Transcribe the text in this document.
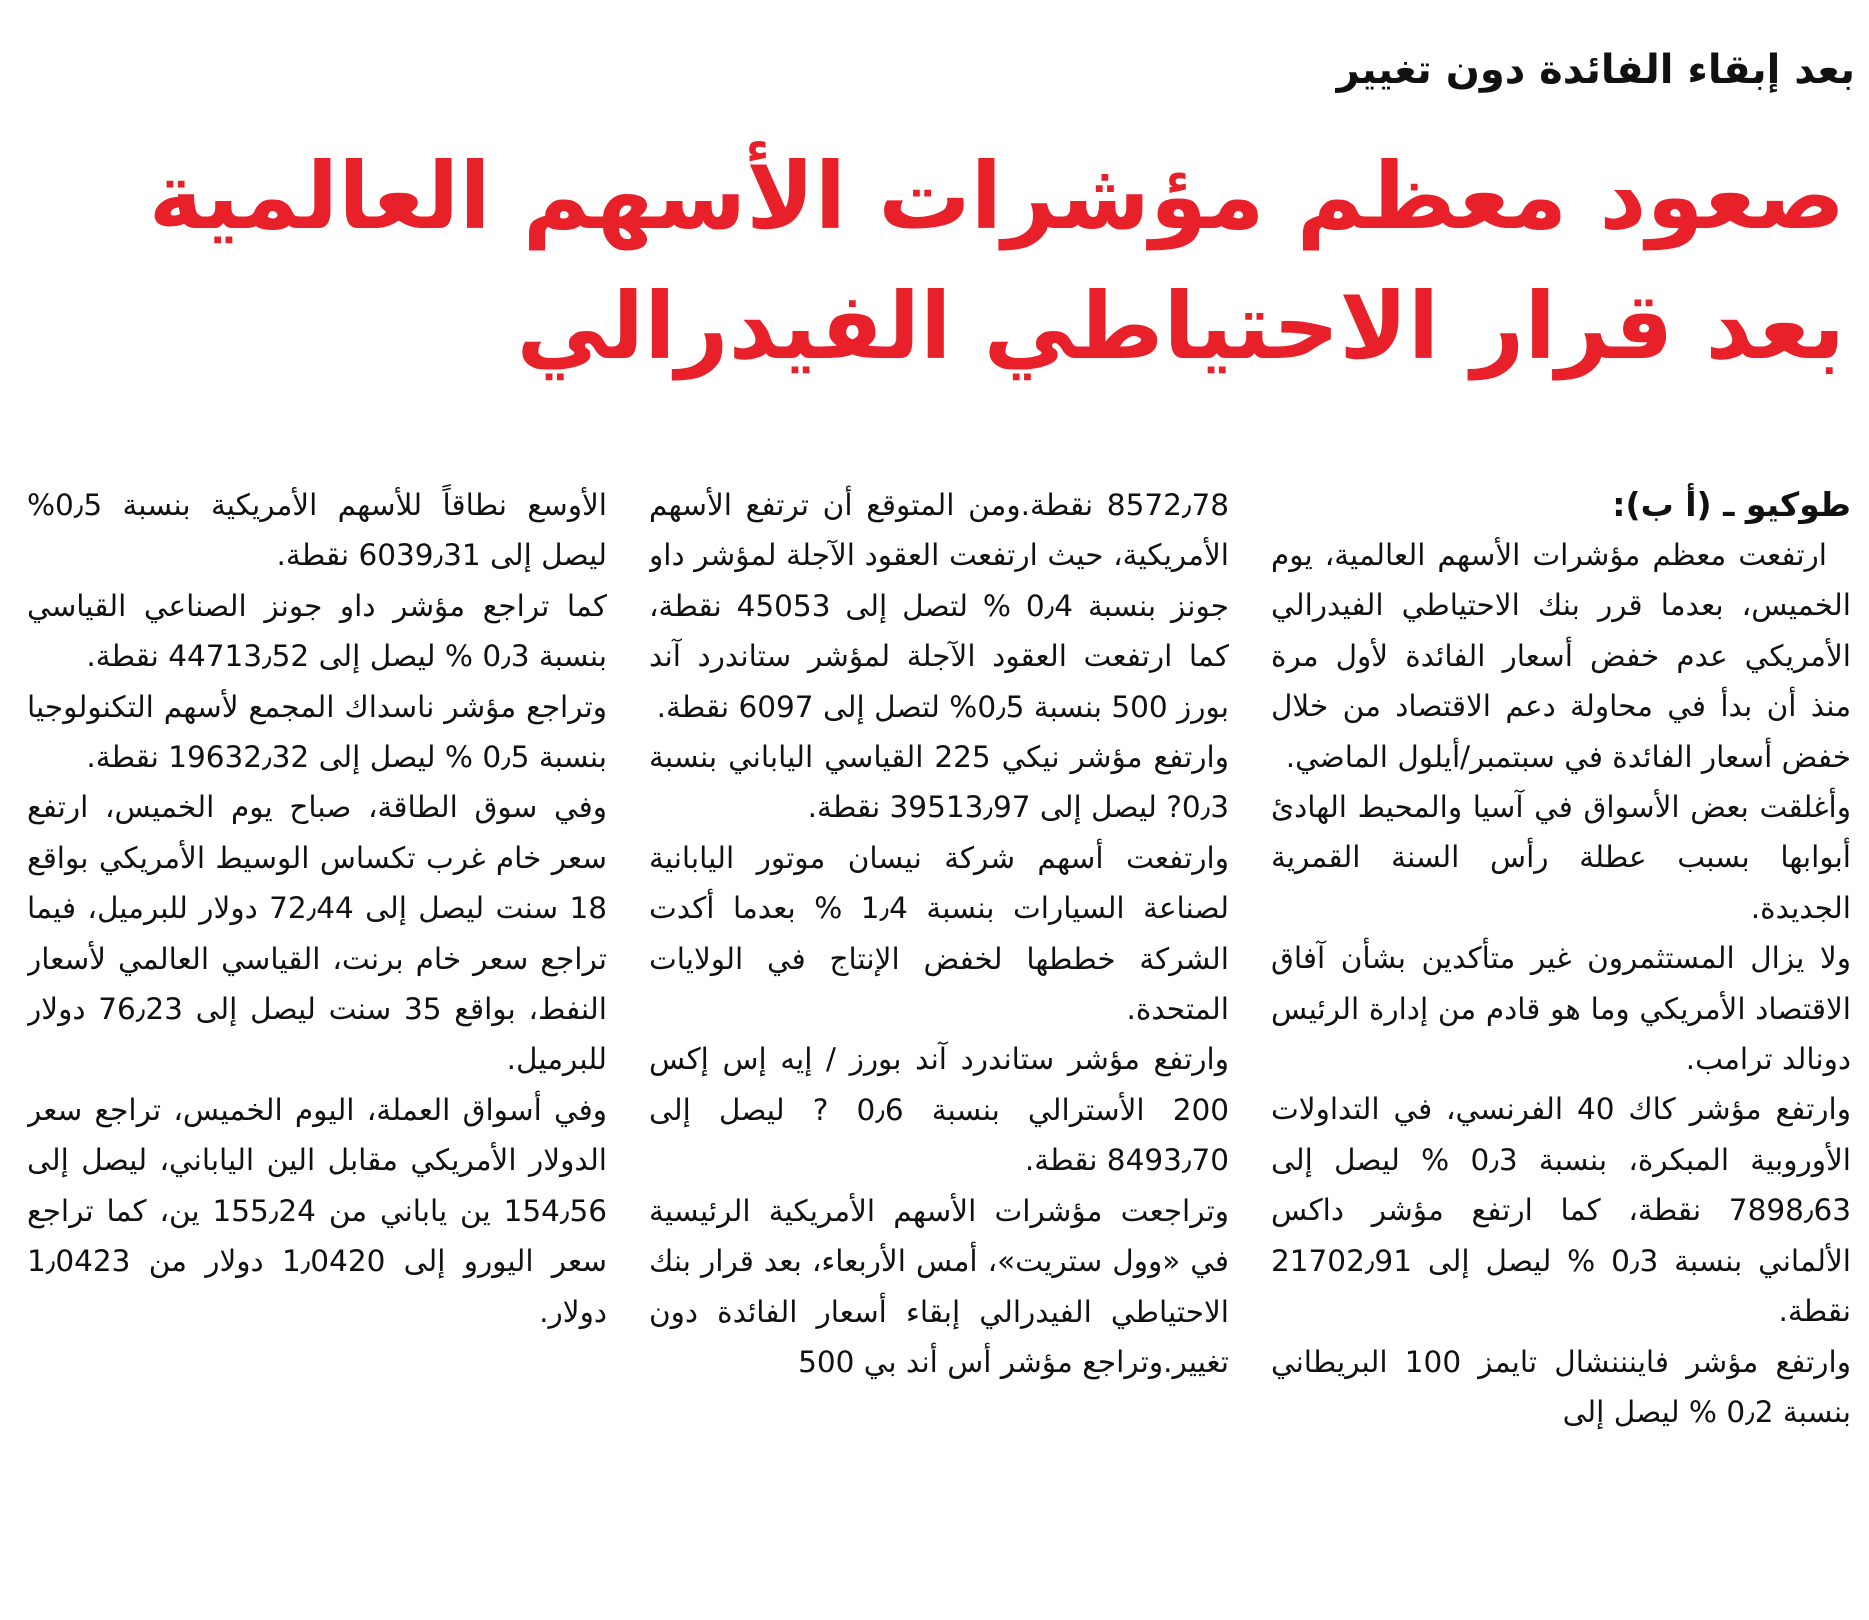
بعد إبقاء الفائدة دون تغيير
صعود معظم مؤشرات الأسهم العالمية بعد قرار الاحتياطي الفيدرالي

طوكيو ـ (أ ب):

ارتفعت معظم مؤشرات الأسهم العالمية، يوم الخميس، بعدما قرر بنك الاحتياطي الفيدرالي الأمريكي عدم خفض أسعار الفائدة لأول مرة منذ أن بدأ في محاولة دعم الاقتصاد من خلال خفض أسعار الفائدة في سبتمبر/أيلول الماضي.

وأغلقت بعض الأسواق في آسيا والمحيط الهادئ أبوابها بسبب عطلة رأس السنة القمرية الجديدة.

ولا يزال المستثمرون غير متأكدين بشأن آفاق الاقتصاد الأمريكي وما هو قادم من إدارة الرئيس دونالد ترامب.

وارتفع مؤشر كاك 40 الفرنسي، في التداولات الأوروبية المبكرة، بنسبة 0٫3 % ليصل إلى 7898٫63 نقطة، كما ارتفع مؤشر داكس الألماني بنسبة 0٫3 % ليصل إلى 21702٫91 نقطة.

وارتفع مؤشر فاينننشال تايمز 100 البريطاني بنسبة 0٫2 % ليصل إلى

8572٫78 نقطة.ومن المتوقع أن ترتفع الأسهم الأمريكية، حيث ارتفعت العقود الآجلة لمؤشر داو جونز بنسبة 0٫4 % لتصل إلى 45053 نقطة، كما ارتفعت العقود الآجلة لمؤشر ستاندرد آند بورز 500 بنسبة 0٫5% لتصل إلى 6097 نقطة.

وارتفع مؤشر نيكي 225 القياسي الياباني بنسبة 0٫3? ليصل إلى 39513٫97 نقطة.

وارتفعت أسهم شركة نيسان موتور اليابانية لصناعة السيارات بنسبة 1٫4 % بعدما أكدت الشركة خططها لخفض الإنتاج في الولايات المتحدة.

وارتفع مؤشر ستاندرد آند بورز / إيه إس إكس 200 الأسترالي بنسبة 0٫6 ? ليصل إلى 8493٫70 نقطة.

وتراجعت مؤشرات الأسهم الأمريكية الرئيسية في «وول ستريت»، أمس الأربعاء، بعد قرار بنك الاحتياطي الفيدرالي إبقاء أسعار الفائدة دون تغيير.وتراجع مؤشر أس أند بي 500

الأوسع نطاقاً للأسهم الأمريكية بنسبة 0٫5% ليصل إلى 6039٫31 نقطة.

كما تراجع مؤشر داو جونز الصناعي القياسي بنسبة 0٫3 % ليصل إلى 44713٫52 نقطة.

وتراجع مؤشر ناسداك المجمع لأسهم التكنولوجيا بنسبة 0٫5 % ليصل إلى 19632٫32 نقطة.

وفي سوق الطاقة، صباح يوم الخميس، ارتفع سعر خام غرب تكساس الوسيط الأمريكي بواقع 18 سنت ليصل إلى 72٫44 دولار للبرميل، فيما تراجع سعر خام برنت، القياسي العالمي لأسعار النفط، بواقع 35 سنت ليصل إلى 76٫23 دولار للبرميل.

وفي أسواق العملة، اليوم الخميس، تراجع سعر الدولار الأمريكي مقابل الين الياباني، ليصل إلى 154٫56 ين ياباني من 155٫24 ين، كما تراجع سعر اليورو إلى 1٫0420 دولار من 1٫0423 دولار.
